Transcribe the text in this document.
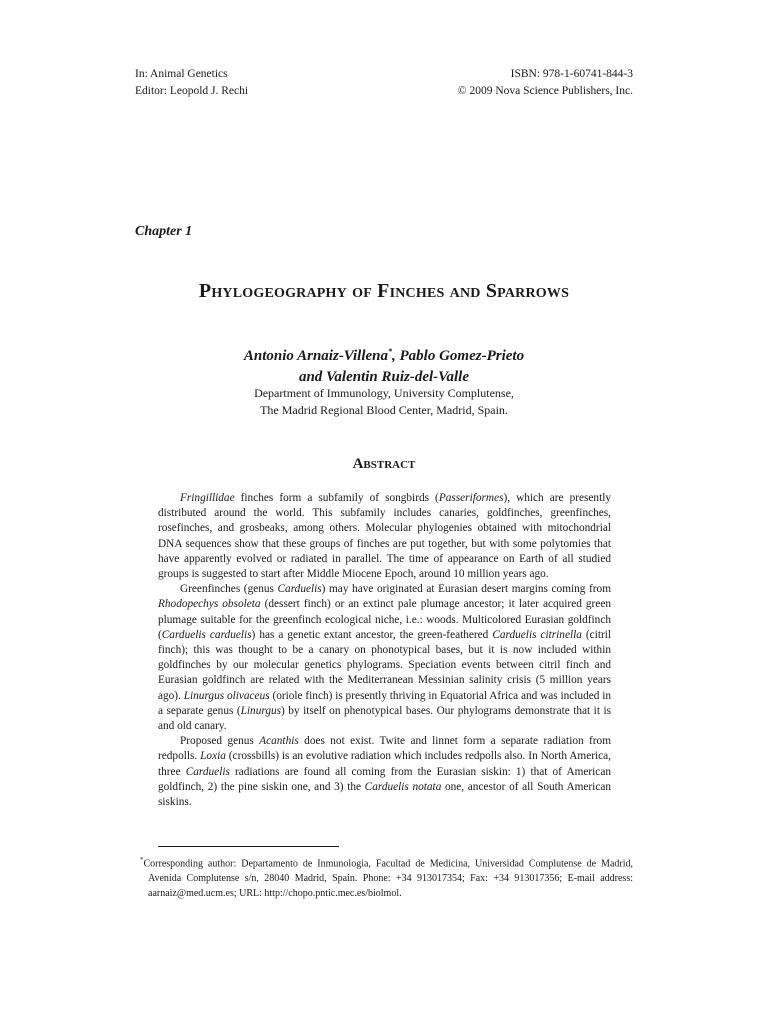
In: Animal Genetics
Editor: Leopold J. Rechi
ISBN: 978-1-60741-844-3
© 2009 Nova Science Publishers, Inc.
Chapter 1
Phylogeography of Finches and Sparrows
Antonio Arnaiz-Villena*, Pablo Gomez-Prieto
and Valentin Ruiz-del-Valle
Department of Immunology, University Complutense,
The Madrid Regional Blood Center, Madrid, Spain.
Abstract

Fringillidae finches form a subfamily of songbirds (Passeriformes), which are presently distributed around the world. This subfamily includes canaries, goldfinches, greenfinches, rosefinches, and grosbeaks, among others. Molecular phylogenies obtained with mitochondrial DNA sequences show that these groups of finches are put together, but with some polytomies that have apparently evolved or radiated in parallel. The time of appearance on Earth of all studied groups is suggested to start after Middle Miocene Epoch, around 10 million years ago.

Greenfinches (genus Carduelis) may have originated at Eurasian desert margins coming from Rhodopechys obsoleta (dessert finch) or an extinct pale plumage ancestor; it later acquired green plumage suitable for the greenfinch ecological niche, i.e.: woods. Multicolored Eurasian goldfinch (Carduelis carduelis) has a genetic extant ancestor, the green-feathered Carduelis citrinella (citril finch); this was thought to be a canary on phonotypical bases, but it is now included within goldfinches by our molecular genetics phylograms. Speciation events between citril finch and Eurasian goldfinch are related with the Mediterranean Messinian salinity crisis (5 million years ago). Linurgus olivaceus (oriole finch) is presently thriving in Equatorial Africa and was included in a separate genus (Linurgus) by itself on phenotypical bases. Our phylograms demonstrate that it is and old canary.

Proposed genus Acanthis does not exist. Twite and linnet form a separate radiation from redpolls. Loxia (crossbills) is an evolutive radiation which includes redpolls also. In North America, three Carduelis radiations are found all coming from the Eurasian siskin: 1) that of American goldfinch, 2) the pine siskin one, and 3) the Carduelis notata one, ancestor of all South American siskins.

*Corresponding author: Departamento de Inmunologia, Facultad de Medicina, Universidad Complutense de Madrid, Avenida Complutense s/n, 28040 Madrid, Spain. Phone: +34 913017354; Fax: +34 913017356; E-mail address: aarnaiz@med.ucm.es; URL: http://chopo.pntic.mec.es/biolmol.
